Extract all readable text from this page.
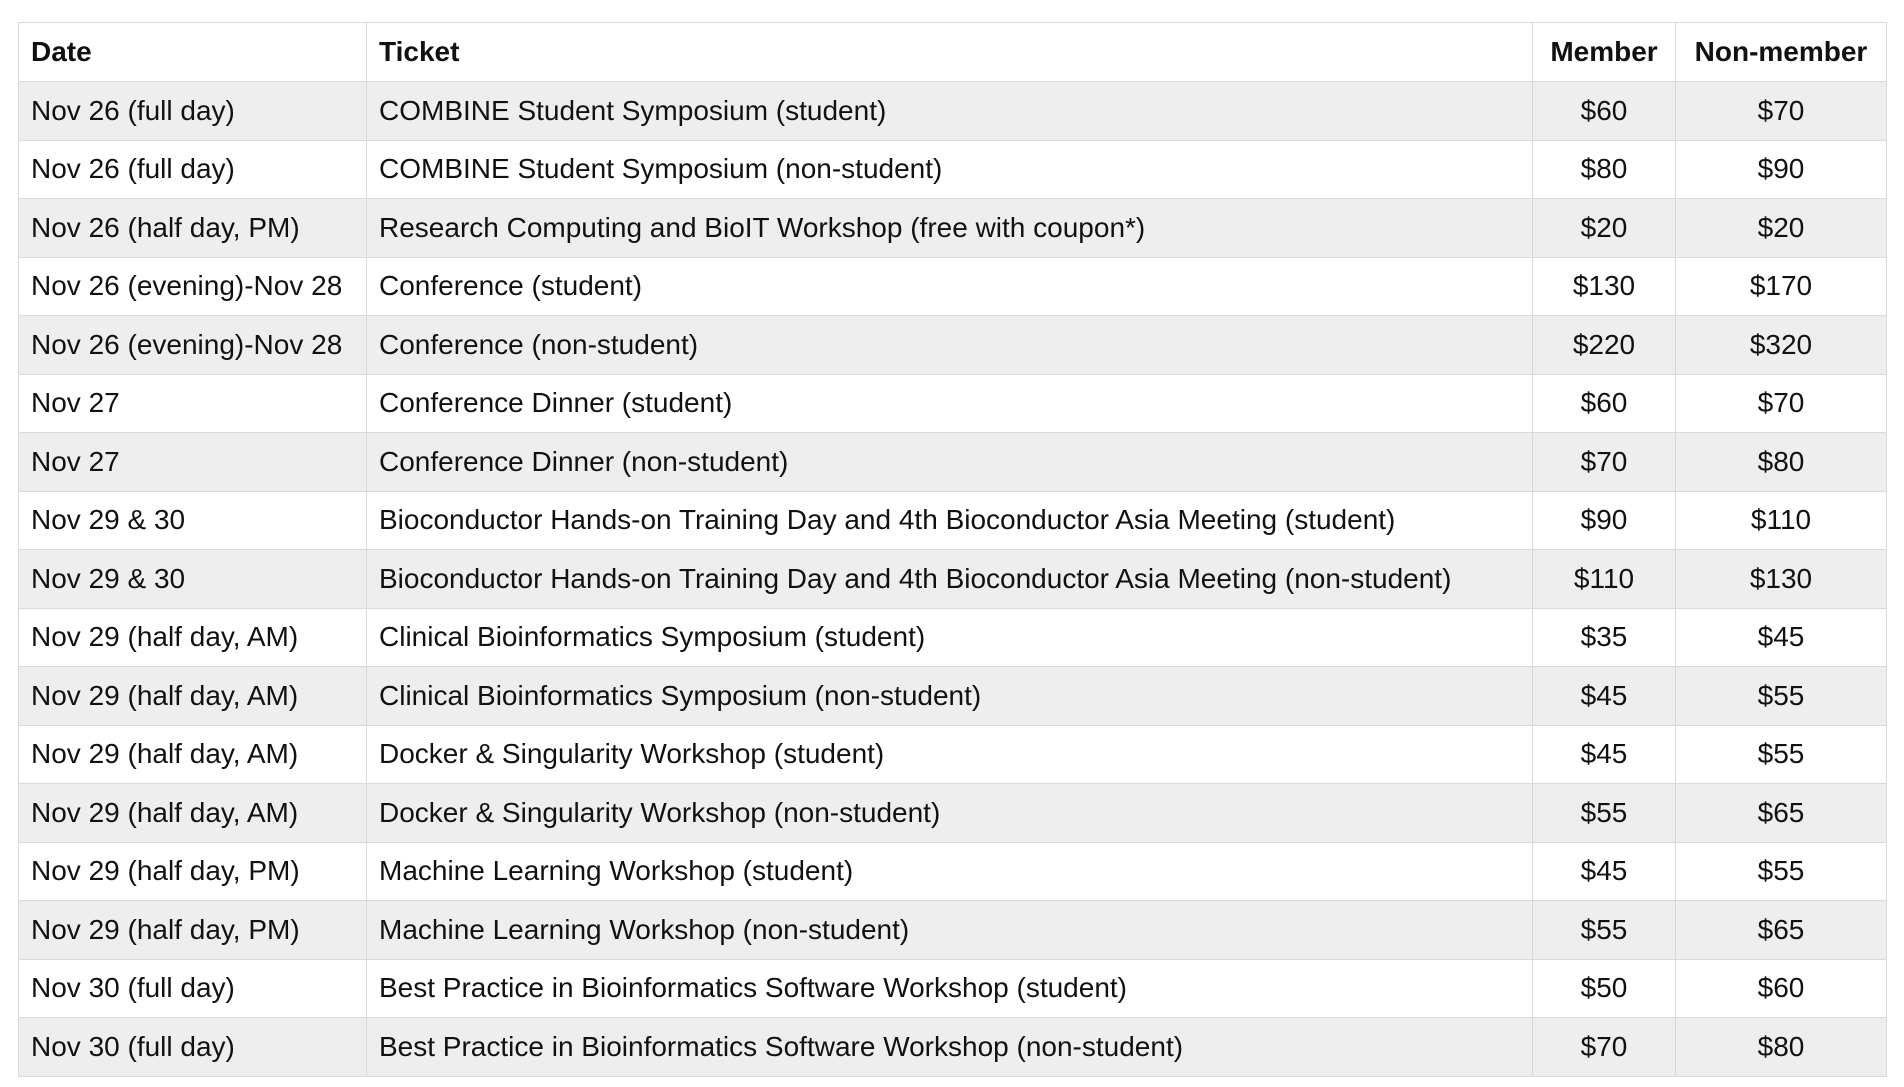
Date	Ticket	Member	Non-member
Nov 26 (full day)	COMBINE Student Symposium (student)	$60	$70
Nov 26 (full day)	COMBINE Student Symposium (non-student)	$80	$90
Nov 26 (half day, PM)	Research Computing and BioIT Workshop (free with coupon*)	$20	$20
Nov 26 (evening)-Nov 28	Conference (student)	$130	$170
Nov 26 (evening)-Nov 28	Conference (non-student)	$220	$320
Nov 27	Conference Dinner (student)	$60	$70
Nov 27	Conference Dinner (non-student)	$70	$80
Nov 29 & 30	Bioconductor Hands-on Training Day and 4th Bioconductor Asia Meeting (student)	$90	$110
Nov 29 & 30	Bioconductor Hands-on Training Day and 4th Bioconductor Asia Meeting (non-student)	$110	$130
Nov 29 (half day, AM)	Clinical Bioinformatics Symposium (student)	$35	$45
Nov 29 (half day, AM)	Clinical Bioinformatics Symposium (non-student)	$45	$55
Nov 29 (half day, AM)	Docker & Singularity Workshop (student)	$45	$55
Nov 29 (half day, AM)	Docker & Singularity Workshop (non-student)	$55	$65
Nov 29 (half day, PM)	Machine Learning Workshop (student)	$45	$55
Nov 29 (half day, PM)	Machine Learning Workshop (non-student)	$55	$65
Nov 30 (full day)	Best Practice in Bioinformatics Software Workshop (student)	$50	$60
Nov 30 (full day)	Best Practice in Bioinformatics Software Workshop (non-student)	$70	$80
